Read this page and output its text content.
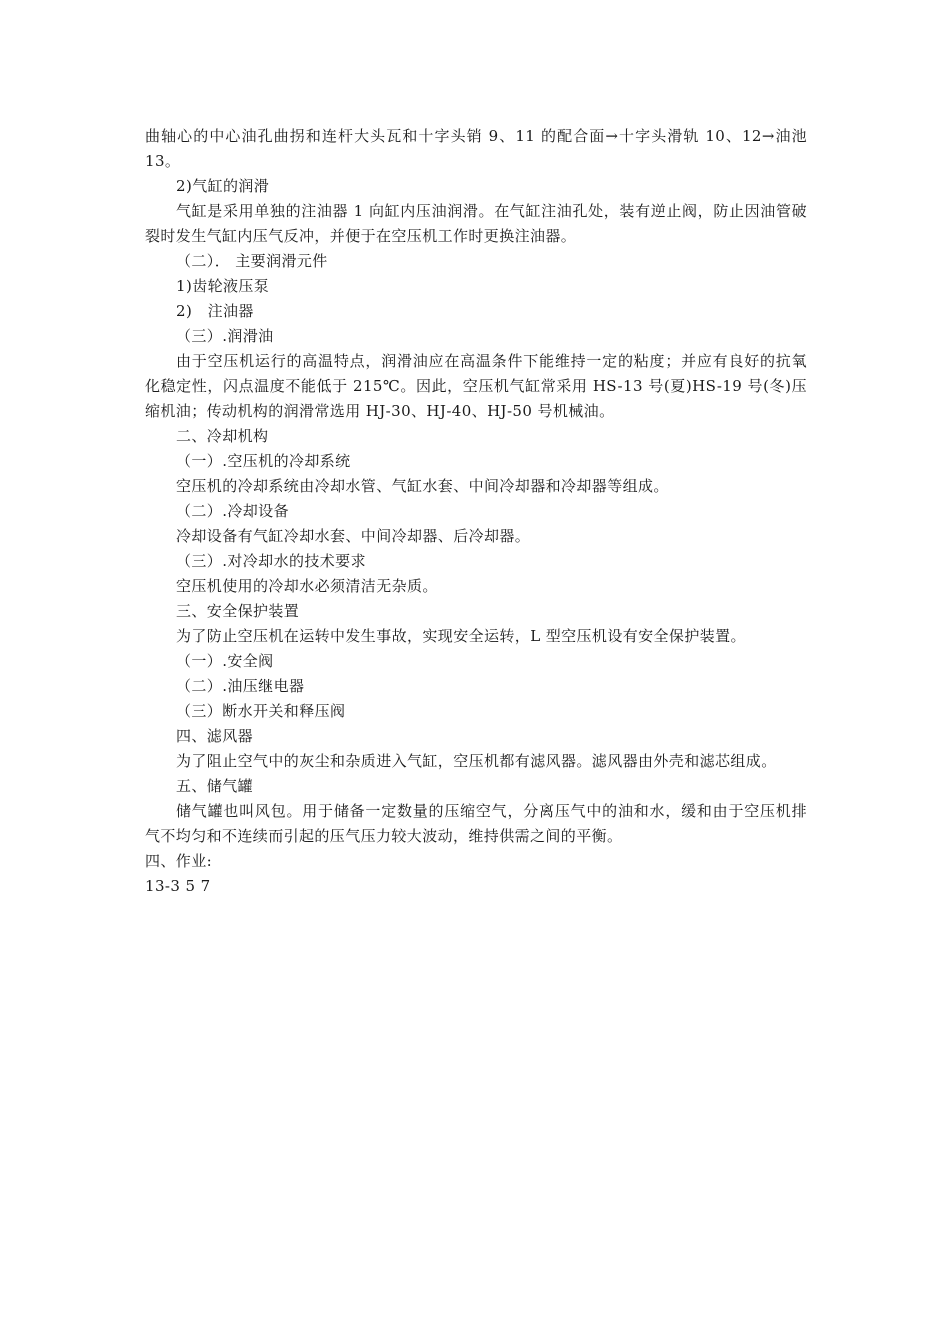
曲轴心的中心油孔曲拐和连杆大头瓦和十字头销 9、11 的配合面→十字头滑轨 10、12→油池 13。

2)气缸的润滑

气缸是采用单独的注油器 1 向缸内压油润滑。在气缸注油孔处，装有逆止阀，防止因油管破裂时发生气缸内压气反冲，并便于在空压机工作时更换注油器。

（二）． 主要润滑元件

1)齿轮液压泵

2)　注油器

（三）.润滑油

由于空压机运行的高温特点，润滑油应在高温条件下能维持一定的粘度；并应有良好的抗氧化稳定性，闪点温度不能低于 215℃。因此，空压机气缸常采用 HS-13 号(夏)HS-19 号(冬)压缩机油；传动机构的润滑常选用 HJ-30、HJ-40、HJ-50 号机械油。

二、冷却机构

（一）.空压机的冷却系统

空压机的冷却系统由冷却水管、气缸水套、中间冷却器和冷却器等组成。

（二）.冷却设备

冷却设备有气缸冷却水套、中间冷却器、后冷却器。

（三）.对冷却水的技术要求

空压机使用的冷却水必须清洁无杂质。

三、安全保护装置

为了防止空压机在运转中发生事故，实现安全运转，L 型空压机设有安全保护装置。

（一）.安全阀

（二）.油压继电器

（三）断水开关和释压阀

四、滤风器

为了阻止空气中的灰尘和杂质进入气缸，空压机都有滤风器。滤风器由外壳和滤芯组成。

五、储气罐

储气罐也叫风包。用于储备一定数量的压缩空气，分离压气中的油和水，缓和由于空压机排气不均匀和不连续而引起的压气压力较大波动，维持供需之间的平衡。

四、作业:

13-3 5 7
